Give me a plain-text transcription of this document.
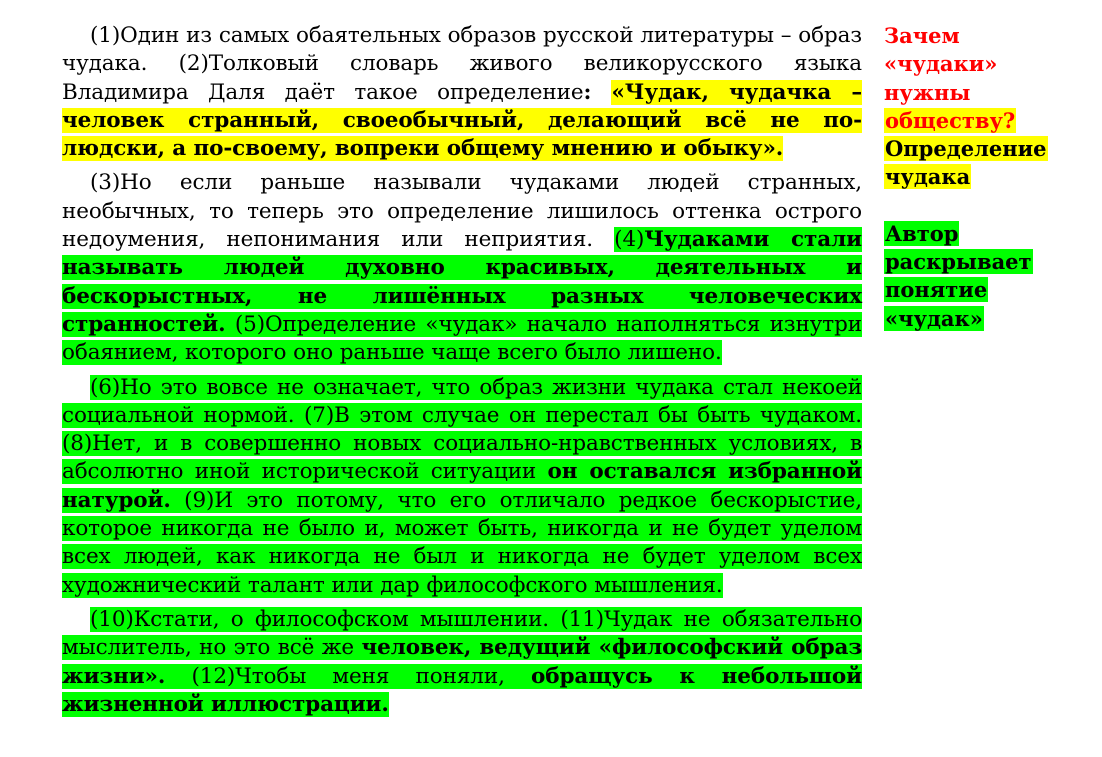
(1)Один из самых обаятельных образов русской литературы – образ чудака. (2)Толковый словарь живого великорусского языка Владимира Даля даёт такое определение: «Чудак, чудачка – человек странный, своеобычный, делающий всё не по-людски, а по-своему, вопреки общему мнению и обыку».

(3)Но если раньше называли чудаками людей странных, необычных, то теперь это определение лишилось оттенка острого недоумения, непонимания или неприятия. (4)Чудаками стали называть людей духовно красивых, деятельных и бескорыстных, не лишённых разных человеческих странностей. (5)Определение «чудак» начало наполняться изнутри обаянием, которого оно раньше чаще всего было лишено.

(6)Но это вовсе не означает, что образ жизни чудака стал некоей социальной нормой. (7)В этом случае он перестал бы быть чудаком. (8)Нет, и в совершенно новых социально-нравственных условиях, в абсолютно иной исторической ситуации он оставался избранной натурой. (9)И это потому, что его отличало редкое бескорыстие, которое никогда не было и, может быть, никогда и не будет уделом всех людей, как никогда не был и никогда не будет уделом всех художнический талант или дар философского мышления.

(10)Кстати, о философском мышлении. (11)Чудак не обязательно мыслитель, но это всё же человек, ведущий «философский образ жизни». (12)Чтобы меня поняли, обращусь к небольшой жизненной иллюстрации.

Зачем
«чудаки»
нужны
обществу?
Определение
чудака
Автор
раскрывает
понятие
«чудак»
